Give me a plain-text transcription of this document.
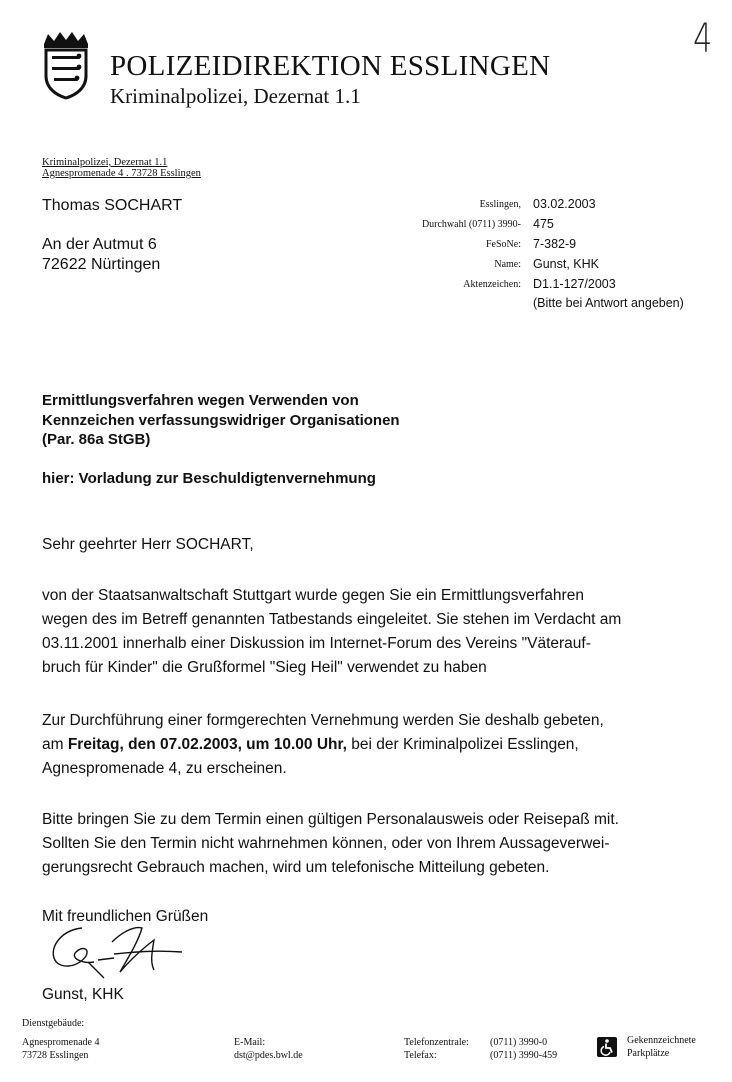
POLIZEIDIREKTION ESSLINGEN
Kriminalpolizei, Dezernat 1.1
4
Kriminalpolizei, Dezernat 1.1
Agnespromenade 4 . 73728 Esslingen
Thomas SOCHART
An der Autmut 6
72622 Nürtingen
Esslingen, 03.02.2003
Durchwahl (0711) 3990- 475
FeSoNe: 7-382-9
Name: Gunst, KHK
Aktenzeichen: D1.1-127/2003
(Bitte bei Antwort angeben)
Ermittlungsverfahren wegen Verwenden von
Kennzeichen verfassungswidriger Organisationen
(Par. 86a StGB)
hier: Vorladung zur Beschuldigtenvernehmung
Sehr geehrter Herr SOCHART,
von der Staatsanwaltschaft Stuttgart wurde gegen Sie ein Ermittlungsverfahren
wegen des im Betreff genannten Tatbestands eingeleitet. Sie stehen im Verdacht am
03.11.2001 innerhalb einer Diskussion im Internet-Forum des Vereins "Väterauf-
bruch für Kinder" die Grußformel "Sieg Heil" verwendet zu haben
Zur Durchführung einer formgerechten Vernehmung werden Sie deshalb gebeten,
am Freitag, den 07.02.2003, um 10.00 Uhr, bei der Kriminalpolizei Esslingen,
Agnespromenade 4, zu erscheinen.
Bitte bringen Sie zu dem Termin einen gültigen Personalausweis oder Reisepaß mit.
Sollten Sie den Termin nicht wahrnehmen können, oder von Ihrem Aussageverwei-
gerungsrecht Gebrauch machen, wird um telefonische Mitteilung gebeten.
Mit freundlichen Grüßen
Gunst, KHK
Dienstgebäude:
Agnespromenade 4
73728 Esslingen
E-Mail:
dst@pdes.bwl.de
Telefonzentrale:
Telefax:
(0711) 3990-0
(0711) 3990-459
Gekennzeichnete
Parkplätze
